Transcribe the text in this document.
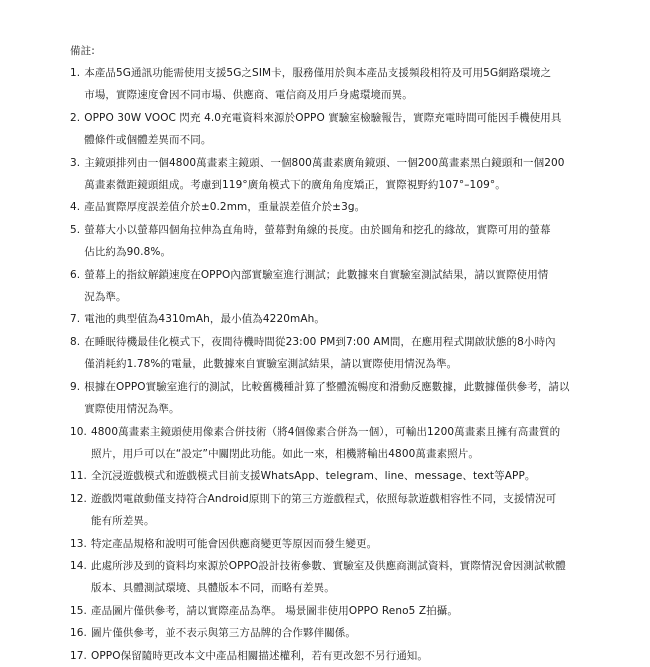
備註:
1. 本產品5G通訊功能需使用支援5G之SIM卡，服務僅用於與本產品支援頻段相符及可用5G網路環境之
市場，實際速度會因不同市場、供應商、電信商及用戶身處環境而異。
2. OPPO 30W VOOC 閃充 4.0充電資料來源於OPPO 實驗室檢驗報告，實際充電時間可能因手機使用具
體條件或個體差異而不同。
3. 主鏡頭排列由一個4800萬畫素主鏡頭、一個800萬畫素廣角鏡頭、一個200萬畫素黑白鏡頭和一個200
萬畫素微距鏡頭組成。考慮到119°廣角模式下的廣角角度矯正，實際視野約107°–109°。
4. 產品實際厚度誤差值介於±0.2mm，重量誤差值介於±3g。
5. 螢幕大小以螢幕四個角拉伸為直角時，螢幕對角線的長度。由於圓角和挖孔的緣故，實際可用的螢幕
佔比約為90.8%。
6. 螢幕上的指紋解鎖速度在OPPO內部實驗室進行測試；此數據來自實驗室測試結果，請以實際使用情
況為準。
7. 電池的典型值為4310mAh，最小值為4220mAh。
8. 在睡眠待機最佳化模式下，夜間待機時間從23:00 PM到7:00 AM間，在應用程式開啟狀態的8小時內
僅消耗約1.78%的電量，此數據來自實驗室測試結果，請以實際使用情況為準。
9. 根據在OPPO實驗室進行的測試，比較舊機種計算了整體流暢度和滑動反應數據，此數據僅供參考，請以
實際使用情況為準。
10. 4800萬畫素主鏡頭使用像素合併技術（將4個像素合併為一個），可輸出1200萬畫素且擁有高畫質的
照片，用戶可以在“設定”中關閉此功能。如此一來，相機將輸出4800萬畫素照片。
11. 全沉浸遊戲模式和遊戲模式目前支援WhatsApp、telegram、line、message、text等APP。
12. 遊戲閃電啟動僅支持符合Android原則下的第三方遊戲程式，依照每款遊戲相容性不同，支援情況可
能有所差異。
13. 特定產品規格和說明可能會因供應商變更等原因而發生變更。
14. 此處所涉及到的資料均來源於OPPO設計技術參數、實驗室及供應商測試資料，實際情況會因測試軟體
版本、具體測試環境、具體版本不同，而略有差異。
15. 產品圖片僅供參考，請以實際產品為準。 場景圖非使用OPPO Reno5 Z拍攝。
16. 圖片僅供參考，並不表示與第三方品牌的合作夥伴關係。
17. OPPO保留隨時更改本文中產品相關描述權利，若有更改恕不另行通知。
